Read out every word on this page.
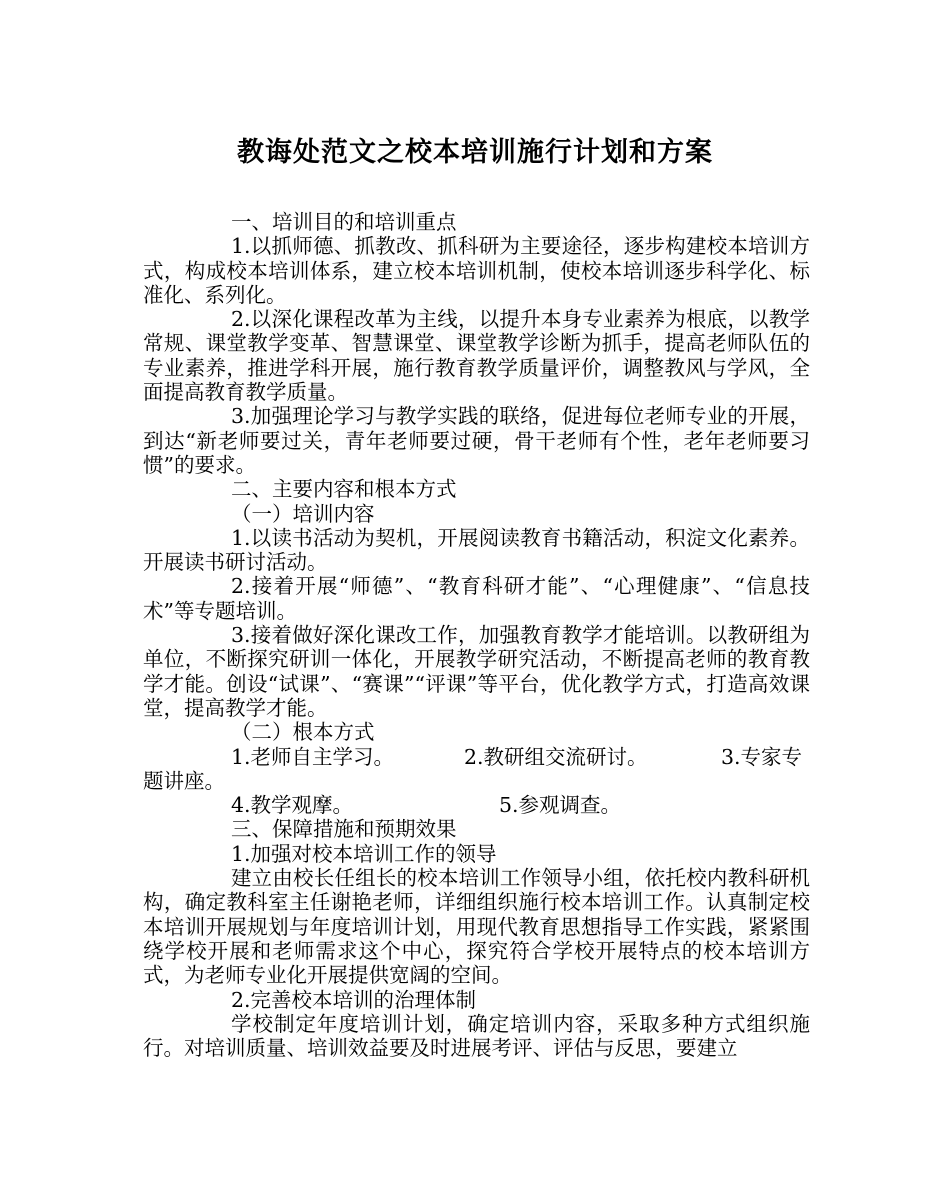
教诲处范文之校本培训施行计划和方案

一、培训目的和培训重点

1.以抓师德、抓教改、抓科研为主要途径，逐步构建校本培训方式，构成校本培训体系，建立校本培训机制，使校本培训逐步科学化、标准化、系列化。

2.以深化课程改革为主线，以提升本身专业素养为根底，以教学常规、课堂教学变革、智慧课堂、课堂教学诊断为抓手，提高老师队伍的专业素养，推进学科开展，施行教育教学质量评价，调整教风与学风，全面提高教育教学质量。

3.加强理论学习与教学实践的联络，促进每位老师专业的开展，到达“新老师要过关，青年老师要过硬，骨干老师有个性，老年老师要习惯”的要求。

二、主要内容和根本方式

（一）培训内容

1.以读书活动为契机，开展阅读教育书籍活动，积淀文化素养。开展读书研讨活动。

2.接着开展“师德”、“教育科研才能”、“心理健康”、“信息技术”等专题培训。

3.接着做好深化课改工作，加强教育教学才能培训。以教研组为单位，不断探究研训一体化，开展教学研究活动，不断提高老师的教育教学才能。创设“试课”、“赛课”“评课”等平台，优化教学方式，打造高效课堂，提高教学才能。

（二）根本方式

1.老师自主学习。	2.教研组交流研讨。	3.专家专

题讲座。

4.教学观摩。	5.参观调查。

三、保障措施和预期效果

1.加强对校本培训工作的领导

建立由校长任组长的校本培训工作领导小组，依托校内教科研机构，确定教科室主任谢艳老师，详细组织施行校本培训工作。认真制定校本培训开展规划与年度培训计划，用现代教育思想指导工作实践，紧紧围绕学校开展和老师需求这个中心，探究符合学校开展特点的校本培训方式，为老师专业化开展提供宽阔的空间。

2.完善校本培训的治理体制

学校制定年度培训计划，确定培训内容，采取多种方式组织施行。对培训质量、培训效益要及时进展考评、评估与反思，要建立
